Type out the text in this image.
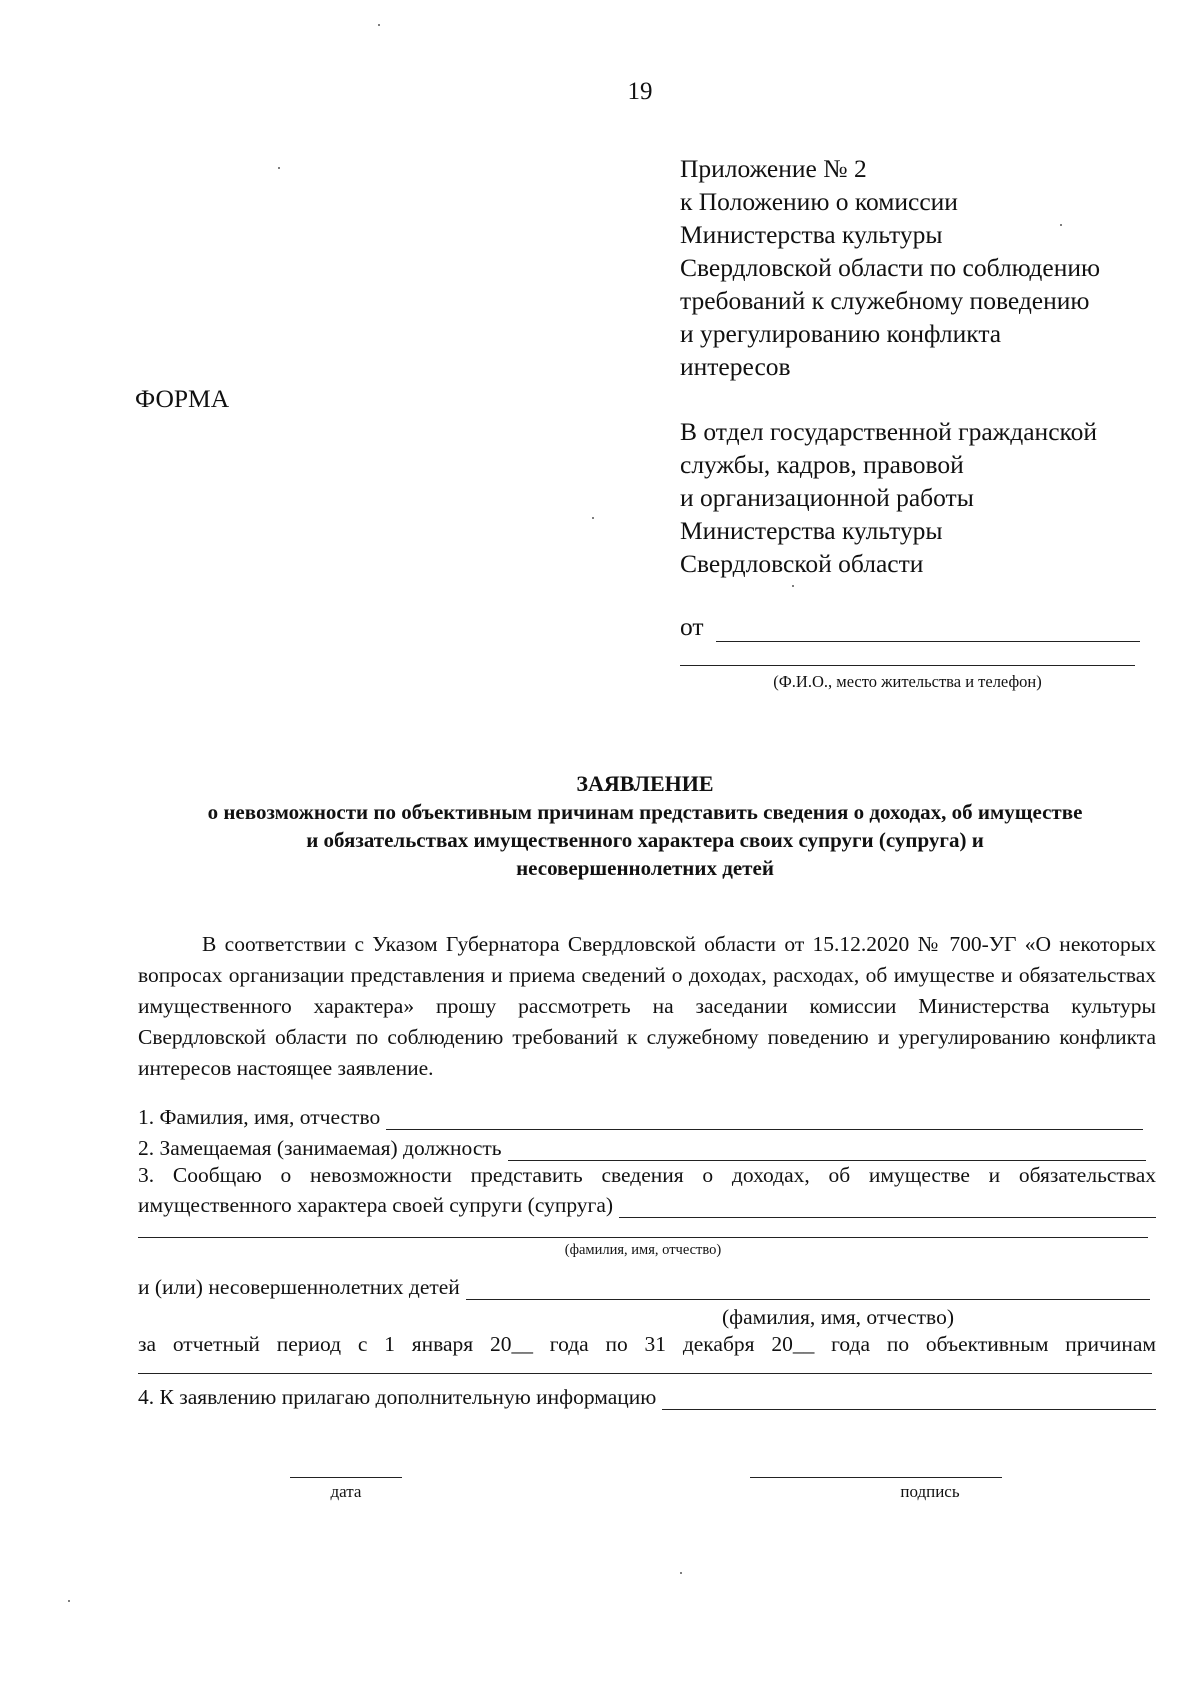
19
Приложение № 2
к Положению о комиссии
Министерства культуры
Свердловской области по соблюдению
требований к служебному поведению
и урегулированию конфликта
интересов
ФОРМА
В отдел государственной гражданской
службы, кадров, правовой
и организационной работы
Министерства культуры
Свердловской области
от
(Ф.И.О., место жительства и телефон)
ЗАЯВЛЕНИЕ
о невозможности по объективным причинам представить сведения о доходах, об имуществе
и обязательствах имущественного характера своих супруги (супруга) и
несовершеннолетних детей
В соответствии с Указом Губернатора Свердловской области от 15.12.2020 № 700-УГ «О некоторых вопросах организации представления и приема сведений о доходах, расходах, об имуществе и обязательствах имущественного характера» прошу рассмотреть на заседании комиссии Министерства культуры Свердловской области по соблюдению требований к служебному поведению и урегулированию конфликта интересов настоящее заявление.
1. Фамилия, имя, отчество
2. Замещаемая (занимаемая) должность
3. Сообщаю о невозможности представить сведения о доходах, об имуществе и обязательствах
имущественного характера своей супруги (супруга)
(фамилия, имя, отчество)
и (или) несовершеннолетних детей
(фамилия, имя, отчество)
за отчетный период с 1 января 20__ года по 31 декабря 20__ года по объективным причинам
4. К заявлению прилагаю дополнительную информацию
дата	подпись
